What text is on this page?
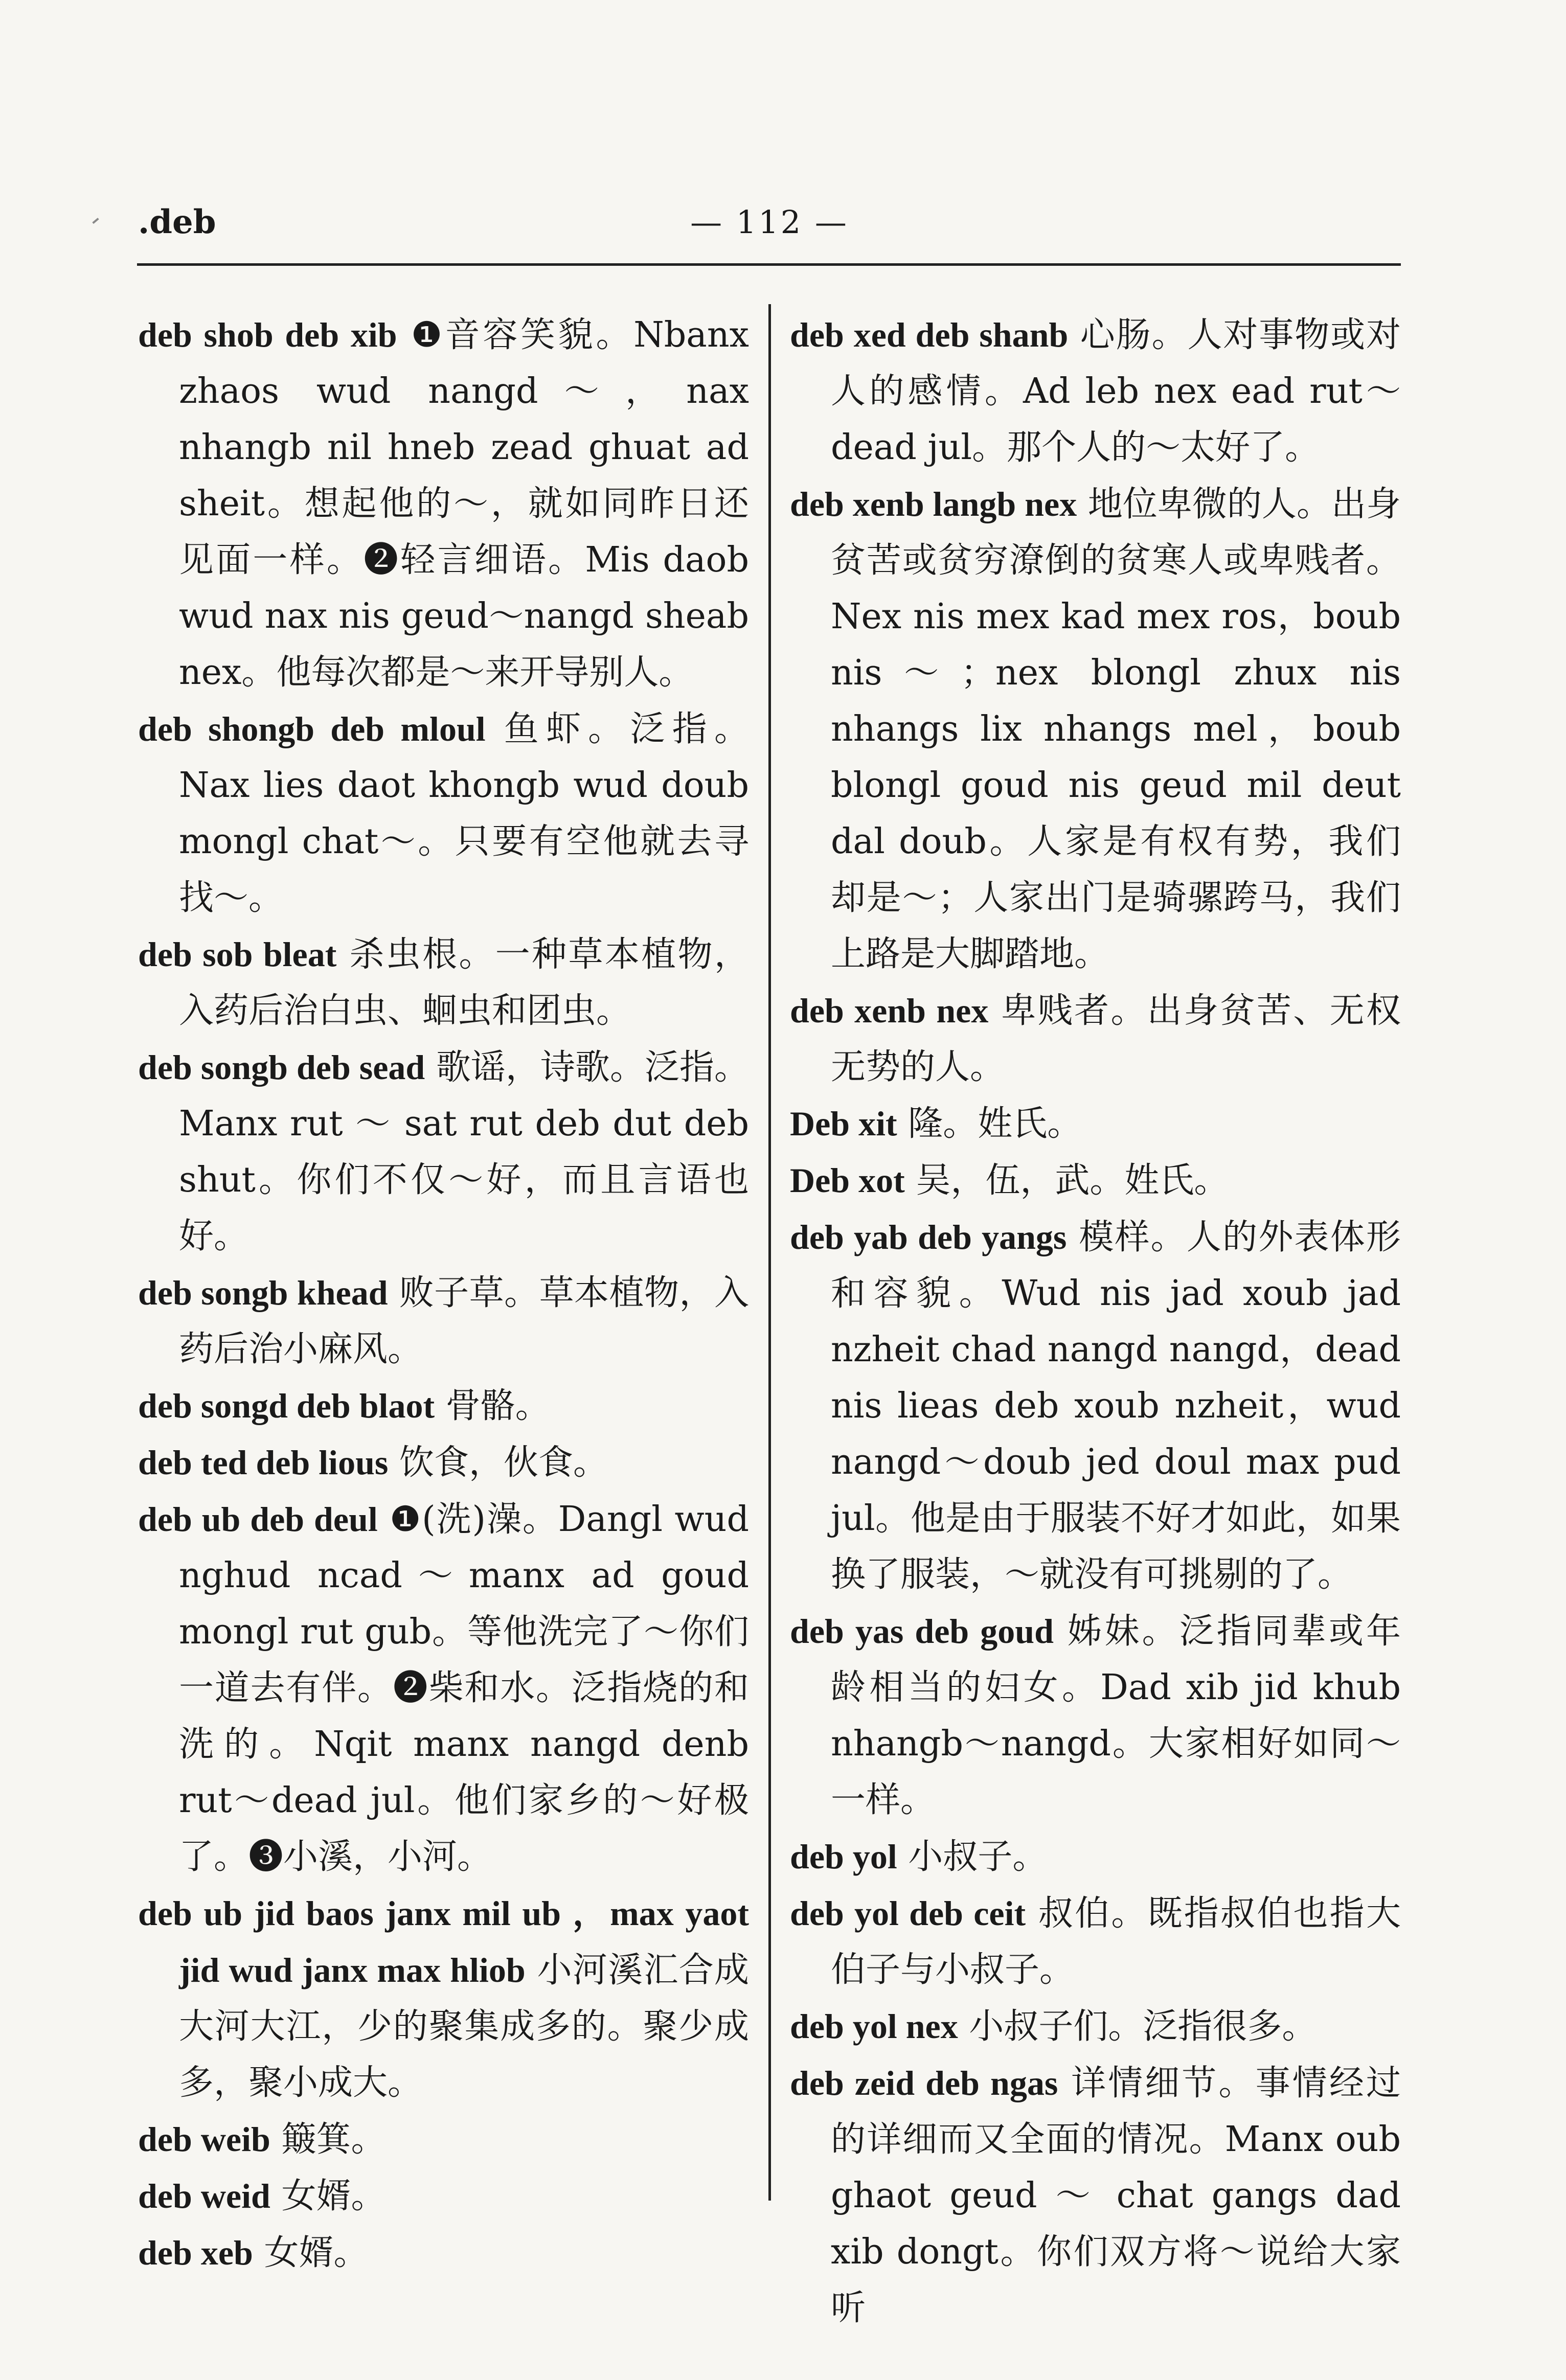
.deb	— 112 —

deb shob deb xib ❶音容笑貌。Nbanx zhaos wud nangd～，nax nhangb nil hneb zead ghuat ad sheit。想起他的～，就如同昨日还见面一样。❷轻言细语。Mis daob wud nax nis geud～nangd sheab nex。他每次都是～来开导别人。

deb shongb deb mloul 鱼虾。泛指。Nax lies daot khongb wud doub mongl chat～。只要有空他就去寻找～。

deb sob bleat 杀虫根。一种草本植物，入药后治白虫、蛔虫和团虫。

deb songb deb sead 歌谣，诗歌。泛指。Manx rut ～ sat rut deb dut deb shut。你们不仅～好，而且言语也好。

deb songb khead 败子草。草本植物，入药后治小麻风。

deb songd deb blaot 骨骼。

deb ted deb lious 饮食，伙食。

deb ub deb deul ❶(洗)澡。Dangl wud nghud ncad～manx ad goud mongl rut gub。等他洗完了～你们一道去有伴。❷柴和水。泛指烧的和洗的。Nqit manx nangd denb rut～dead jul。他们家乡的～好极了。❸小溪，小河。

deb ub jid baos janx mil ub ，max yaot jid wud janx max hliob 小河溪汇合成大河大江，少的聚集成多的。聚少成多，聚小成大。

deb weib 簸箕。

deb weid 女婿。

deb xeb 女婿。

deb xed deb shanb 心肠。人对事物或对人的感情。Ad leb nex ead rut～dead jul。那个人的～太好了。

deb xenb langb nex 地位卑微的人。出身贫苦或贫穷潦倒的贫寒人或卑贱者。Nex nis mex kad mex ros，boub nis～；nex blongl zhux nis nhangs lix nhangs mel，boub blongl goud nis geud mil deut dal doub。人家是有权有势，我们却是～；人家出门是骑骡跨马，我们上路是大脚踏地。

deb xenb nex 卑贱者。出身贫苦、无权无势的人。

Deb xit 隆。姓氏。

Deb xot 吴，伍，武。姓氏。

deb yab deb yangs 模样。人的外表体形和容貌。Wud nis jad xoub jad nzheit chad nangd nangd，dead nis lieas deb xoub nzheit，wud nangd～doub jed doul max pud jul。他是由于服装不好才如此，如果换了服装，～就没有可挑剔的了。

deb yas deb goud 姊妹。泛指同辈或年龄相当的妇女。Dad xib jid khub nhangb～nangd。大家相好如同～一样。

deb yol 小叔子。

deb yol deb ceit 叔伯。既指叔伯也指大伯子与小叔子。

deb yol nex 小叔子们。泛指很多。

deb zeid deb ngas 详情细节。事情经过的详细而又全面的情况。Manx oub ghaot geud ～ chat gangs dad xib dongt。你们双方将～说给大家听
